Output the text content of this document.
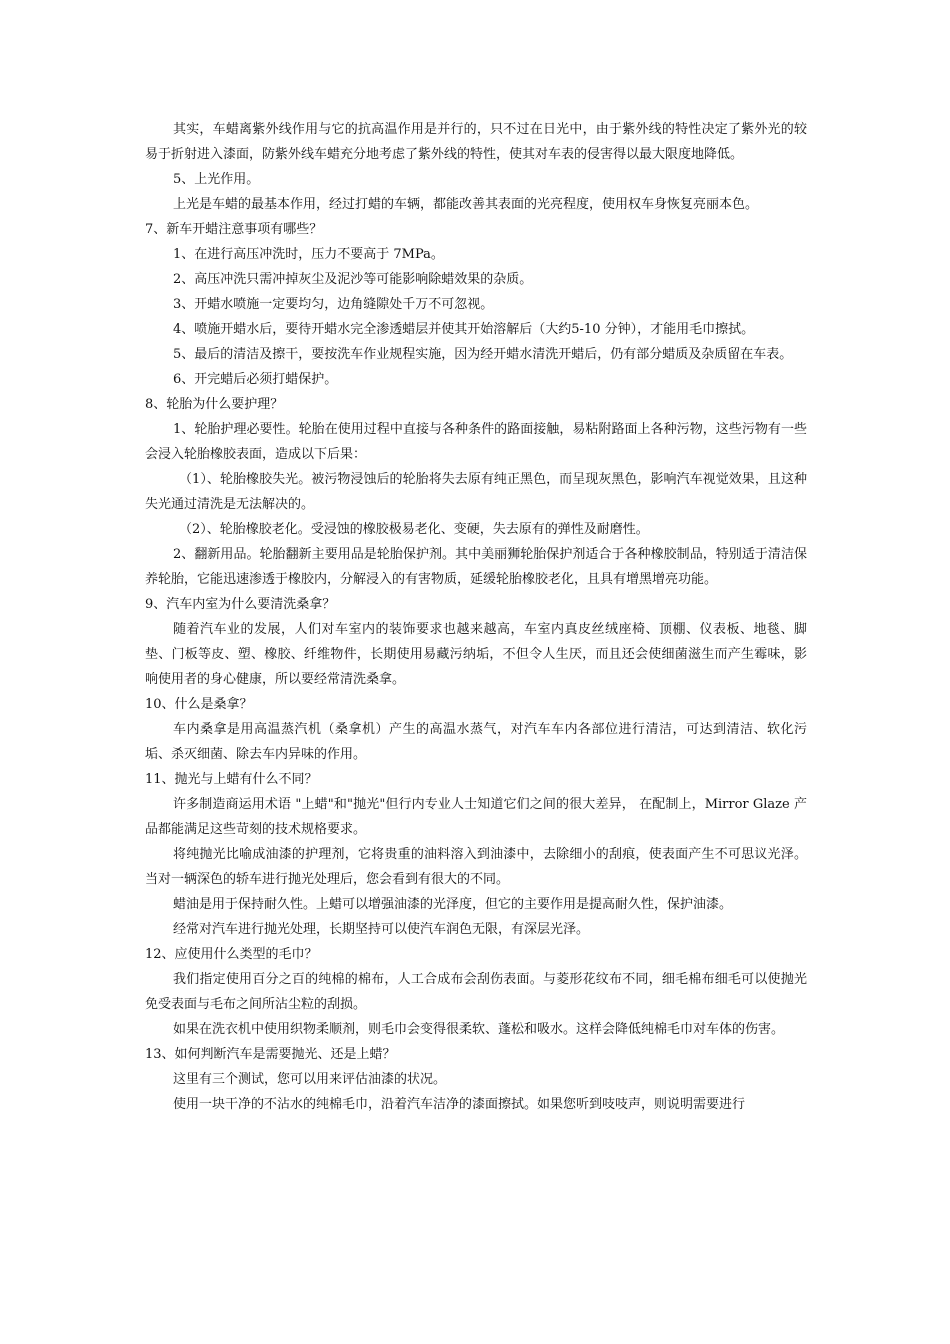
其实，车蜡离紫外线作用与它的抗高温作用是并行的，只不过在日光中，由于紫外线的特性决定了紫外光的较易于折射进入漆面，防紫外线车蜡充分地考虑了紫外线的特性，使其对车表的侵害得以最大限度地降低。

5、上光作用。

上光是车蜡的最基本作用，经过打蜡的车辆，都能改善其表面的光亮程度，使用权车身恢复亮丽本色。

7、新车开蜡注意事项有哪些？

1、在进行高压冲洗时，压力不要高于 7MPa。

2、高压冲洗只需冲掉灰尘及泥沙等可能影响除蜡效果的杂质。

3、开蜡水喷施一定要均匀，边角缝隙处千万不可忽视。

4、喷施开蜡水后，要待开蜡水完全渗透蜡层并使其开始溶解后（大约5-10 分钟），才能用毛巾擦拭。

5、最后的清洁及擦干，要按洗车作业规程实施，因为经开蜡水清洗开蜡后，仍有部分蜡质及杂质留在车表。

6、开完蜡后必须打蜡保护。

8、轮胎为什么要护理？

1、轮胎护理必要性。轮胎在使用过程中直接与各种条件的路面接触，易粘附路面上各种污物，这些污物有一些会浸入轮胎橡胶表面，造成以下后果：

（1）、轮胎橡胶失光。被污物浸蚀后的轮胎将失去原有纯正黑色，而呈现灰黑色，影响汽车视觉效果，且这种失光通过清洗是无法解决的。

（2）、轮胎橡胶老化。受浸蚀的橡胶极易老化、变硬，失去原有的弹性及耐磨性。

2、翻新用品。轮胎翻新主要用品是轮胎保护剂。其中美丽狮轮胎保护剂适合于各种橡胶制品，特别适于清洁保养轮胎，它能迅速渗透于橡胶内，分解浸入的有害物质，延缓轮胎橡胶老化，且具有增黑增亮功能。

9、汽车内室为什么要清洗桑拿？

随着汽车业的发展，人们对车室内的装饰要求也越来越高，车室内真皮丝绒座椅、顶棚、仪表板、地毯、脚垫、门板等皮、塑、橡胶、纤维物件，长期使用易藏污纳垢，不但令人生厌，而且还会使细菌滋生而产生霉味，影响使用者的身心健康，所以要经常清洗桑拿。

10、什么是桑拿？

车内桑拿是用高温蒸汽机（桑拿机）产生的高温水蒸气，对汽车车内各部位进行清洁，可达到清洁、软化污垢、杀灭细菌、除去车内异味的作用。

11、抛光与上蜡有什么不同？

许多制造商运用术语 "上蜡"和"抛光"但行内专业人士知道它们之间的很大差异， 在配制上，Mirror Glaze 产品都能满足这些苛刻的技术规格要求。

将纯抛光比喻成油漆的护理剂，它将贵重的油料溶入到油漆中，去除细小的刮痕，使表面产生不可思议光泽。当对一辆深色的轿车进行抛光处理后，您会看到有很大的不同。

蜡油是用于保持耐久性。上蜡可以增强油漆的光泽度，但它的主要作用是提高耐久性，保护油漆。

经常对汽车进行抛光处理，长期坚持可以使汽车润色无限，有深层光泽。

12、应使用什么类型的毛巾？

我们指定使用百分之百的纯棉的棉布，人工合成布会刮伤表面。与菱形花纹布不同，细毛棉布细毛可以使抛光免受表面与毛布之间所沾尘粒的刮损。

如果在洗衣机中使用织物柔顺剂，则毛巾会变得很柔软、蓬松和吸水。这样会降低纯棉毛巾对车体的伤害。

13、如何判断汽车是需要抛光、还是上蜡？

这里有三个测试，您可以用来评估油漆的状况。

使用一块干净的不沾水的纯棉毛巾，沿着汽车洁净的漆面擦拭。如果您听到吱吱声，则说明需要进行
